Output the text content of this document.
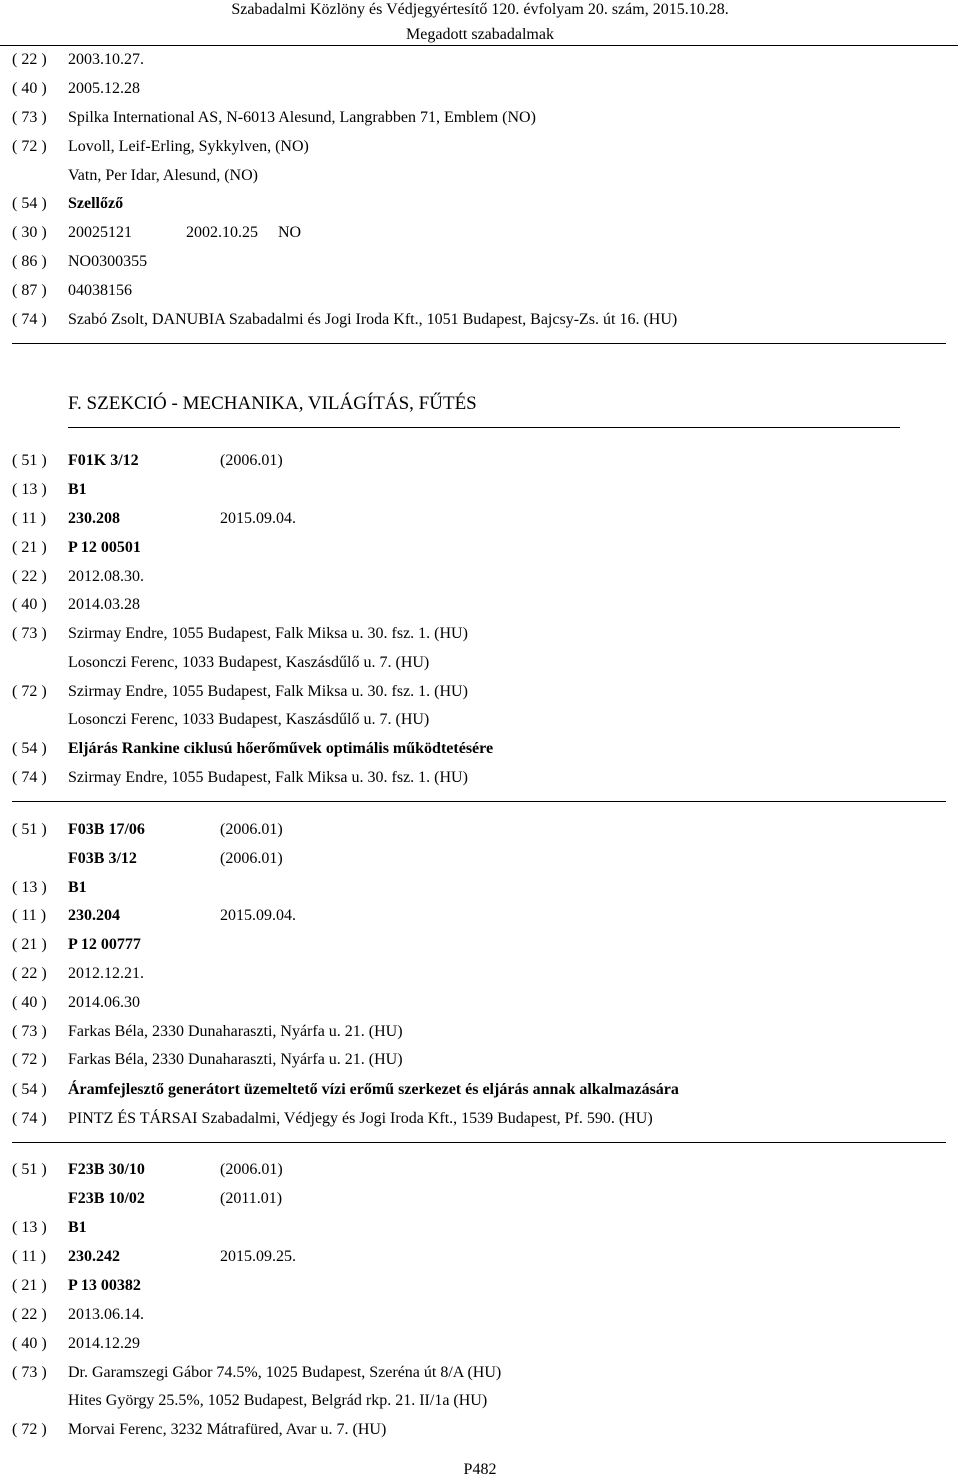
Szabadalmi Közlöny és Védjegyértesítő 120. évfolyam 20. szám, 2015.10.28.
Megadott szabadalmak
( 22 ) 2003.10.27.
( 40 ) 2005.12.28
( 73 ) Spilka International AS, N-6013 Alesund, Langrabben 71, Emblem (NO)
( 72 ) Lovoll, Leif-Erling, Sykkylven, (NO)
Vatn, Per Idar, Alesund, (NO)
( 54 ) Szellőző
( 30 ) 20025121	2002.10.25     NO
( 86 ) NO0300355
( 87 ) 04038156
( 74 ) Szabó Zsolt, DANUBIA Szabadalmi és Jogi Iroda Kft., 1051 Budapest, Bajcsy-Zs. út 16. (HU)
F. SZEKCIÓ - MECHANIKA, VILÁGÍTÁS, FŰTÉS
( 51 ) F01K 3/12	(2006.01)
( 13 ) B1
( 11 ) 230.208	2015.09.04.
( 21 ) P 12 00501
( 22 ) 2012.08.30.
( 40 ) 2014.03.28
( 73 ) Szirmay Endre, 1055 Budapest, Falk Miksa u. 30. fsz. 1. (HU)
Losonczi Ferenc, 1033 Budapest, Kaszásdűlő u. 7. (HU)
( 72 ) Szirmay Endre, 1055 Budapest, Falk Miksa u. 30. fsz. 1. (HU)
Losonczi Ferenc, 1033 Budapest, Kaszásdűlő u. 7. (HU)
( 54 ) Eljárás Rankine ciklusú hőerőművek optimális működtetésére
( 74 ) Szirmay Endre, 1055 Budapest, Falk Miksa u. 30. fsz. 1. (HU)
( 51 ) F03B 17/06	(2006.01)
F03B 3/12	(2006.01)
( 13 ) B1
( 11 ) 230.204	2015.09.04.
( 21 ) P 12 00777
( 22 ) 2012.12.21.
( 40 ) 2014.06.30
( 73 ) Farkas Béla, 2330 Dunaharaszti, Nyárfa u. 21. (HU)
( 72 ) Farkas Béla, 2330 Dunaharaszti, Nyárfa u. 21. (HU)
( 54 ) Áramfejlesztő generátort üzemeltető vízi erőmű szerkezet és eljárás annak alkalmazására
( 74 ) PINTZ ÉS TÁRSAI Szabadalmi, Védjegy és Jogi Iroda Kft., 1539 Budapest, Pf. 590. (HU)
( 51 ) F23B 30/10	(2006.01)
F23B 10/02	(2011.01)
( 13 ) B1
( 11 ) 230.242	2015.09.25.
( 21 ) P 13 00382
( 22 ) 2013.06.14.
( 40 ) 2014.12.29
( 73 ) Dr. Garamszegi Gábor 74.5%, 1025 Budapest, Szeréna út 8/A (HU)
Hites György 25.5%, 1052 Budapest, Belgrád rkp. 21. II/1a (HU)
( 72 ) Morvai Ferenc, 3232 Mátrafüred, Avar u. 7. (HU)
P482
